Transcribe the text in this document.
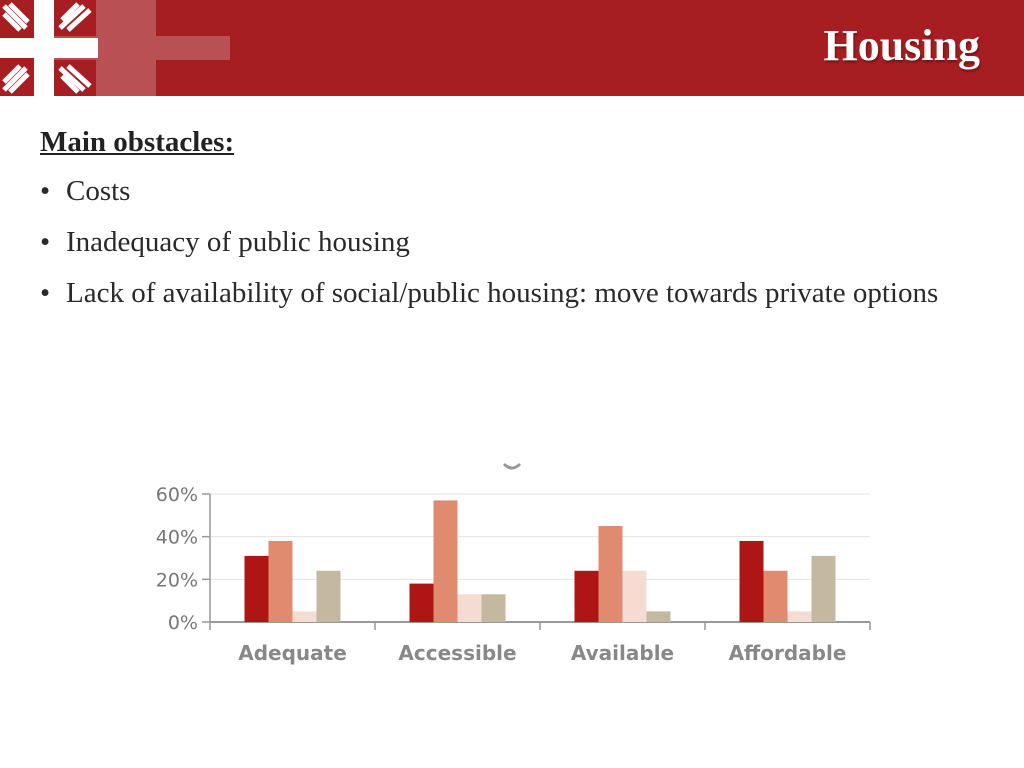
Housing
Main obstacles:
• Costs
• Inadequacy of public housing
• Lack of availability of social/public housing: move towards private options
0%
20%
40%
60%
Adequate	Accessible	Available	Affordable
